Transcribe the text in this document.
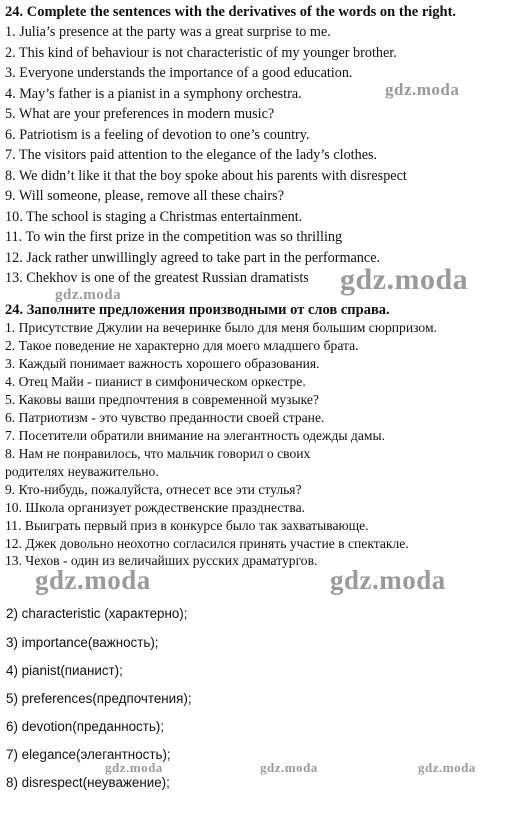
24. Complete the sentences with the derivatives of the words on the right.
1. Julia’s presence at the party was a great surprise to me.
2. This kind of behaviour is not characteristic of my younger brother.
3. Everyone understands the importance of a good education.
4. May’s father is a pianist in a symphony orchestra.
5. What are your preferences in modern music?
6. Patriotism is a feeling of devotion to one’s country.
7. The visitors paid attention to the elegance of the lady’s clothes.
8. We didn’t like it that the boy spoke about his parents with disrespect
9. Will someone, please, remove all these chairs?
10. The school is staging a Christmas entertainment.
11. To win the first prize in the competition was so thrilling
12. Jack rather unwillingly agreed to take part in the performance.
13. Chekhov is one of the greatest Russian dramatists
24. Заполните предложения производными от слов справа.
1. Присутствие Джулии на вечеринке было для меня большим сюрпризом.
2. Такое поведение не характерно для моего младшего брата.
3. Каждый понимает важность хорошего образования.
4. Отец Майи - пианист в симфоническом оркестре.
5. Каковы ваши предпочтения в современной музыке?
6. Патриотизм - это чувство преданности своей стране.
7. Посетители обратили внимание на элегантность одежды дамы.
8. Нам не понравилось, что мальчик говорил о своих
родителях неуважительно.
9. Кто-нибудь, пожалуйста, отнесет все эти стулья?
10. Школа организует рождественские празднества.
11. Выиграть первый приз в конкурсе было так захватывающе.
12. Джек довольно неохотно согласился принять участие в спектакле.
13. Чехов - один из величайших русских драматургов.
2) characteristic (характерно);
3) importance(важность);
4) pianist(пианист);
5) preferences(предпочтения);
6) devotion(преданность);
7) elegance(элегантность);
8) disrespect(неуважение);
gdz.moda
gdz.moda
gdz.moda
gdz.moda	gdz.moda
gdz.moda	gdz.moda	gdz.moda
